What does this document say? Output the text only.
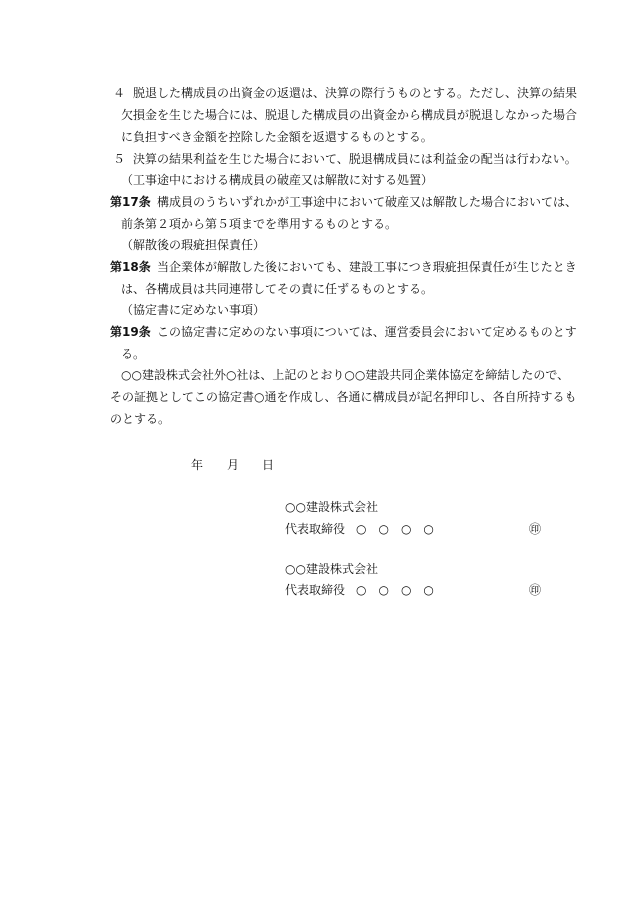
４ 脱退した構成員の出資金の返還は、決算の際行うものとする。ただし、決算の結果
欠損金を生じた場合には、脱退した構成員の出資金から構成員が脱退しなかった場合
に負担すべき金額を控除した金額を返還するものとする。
５ 決算の結果利益を生じた場合において、脱退構成員には利益金の配当は行わない。
（工事途中における構成員の破産又は解散に対する処置）
第17条 構成員のうちいずれかが工事途中において破産又は解散した場合においては、
前条第２項から第５項までを準用するものとする。
（解散後の瑕疵担保責任）
第18条 当企業体が解散した後においても、建設工事につき瑕疵担保責任が生じたとき
は、各構成員は共同連帯してその責に任ずるものとする。
（協定書に定めない事項）
第19条 この協定書に定めのない事項については、運営委員会において定めるものとす
る。
○○建設株式会社外○社は、上記のとおり○○建設共同企業体協定を締結したので、
その証拠としてこの協定書○通を作成し、各通に構成員が記名押印し、各自所持するも
のとする。
年 月 日
○○建設株式会社
代表取締役 ○　○　○　○	㊞
○○建設株式会社
代表取締役 ○　○　○　○	㊞
